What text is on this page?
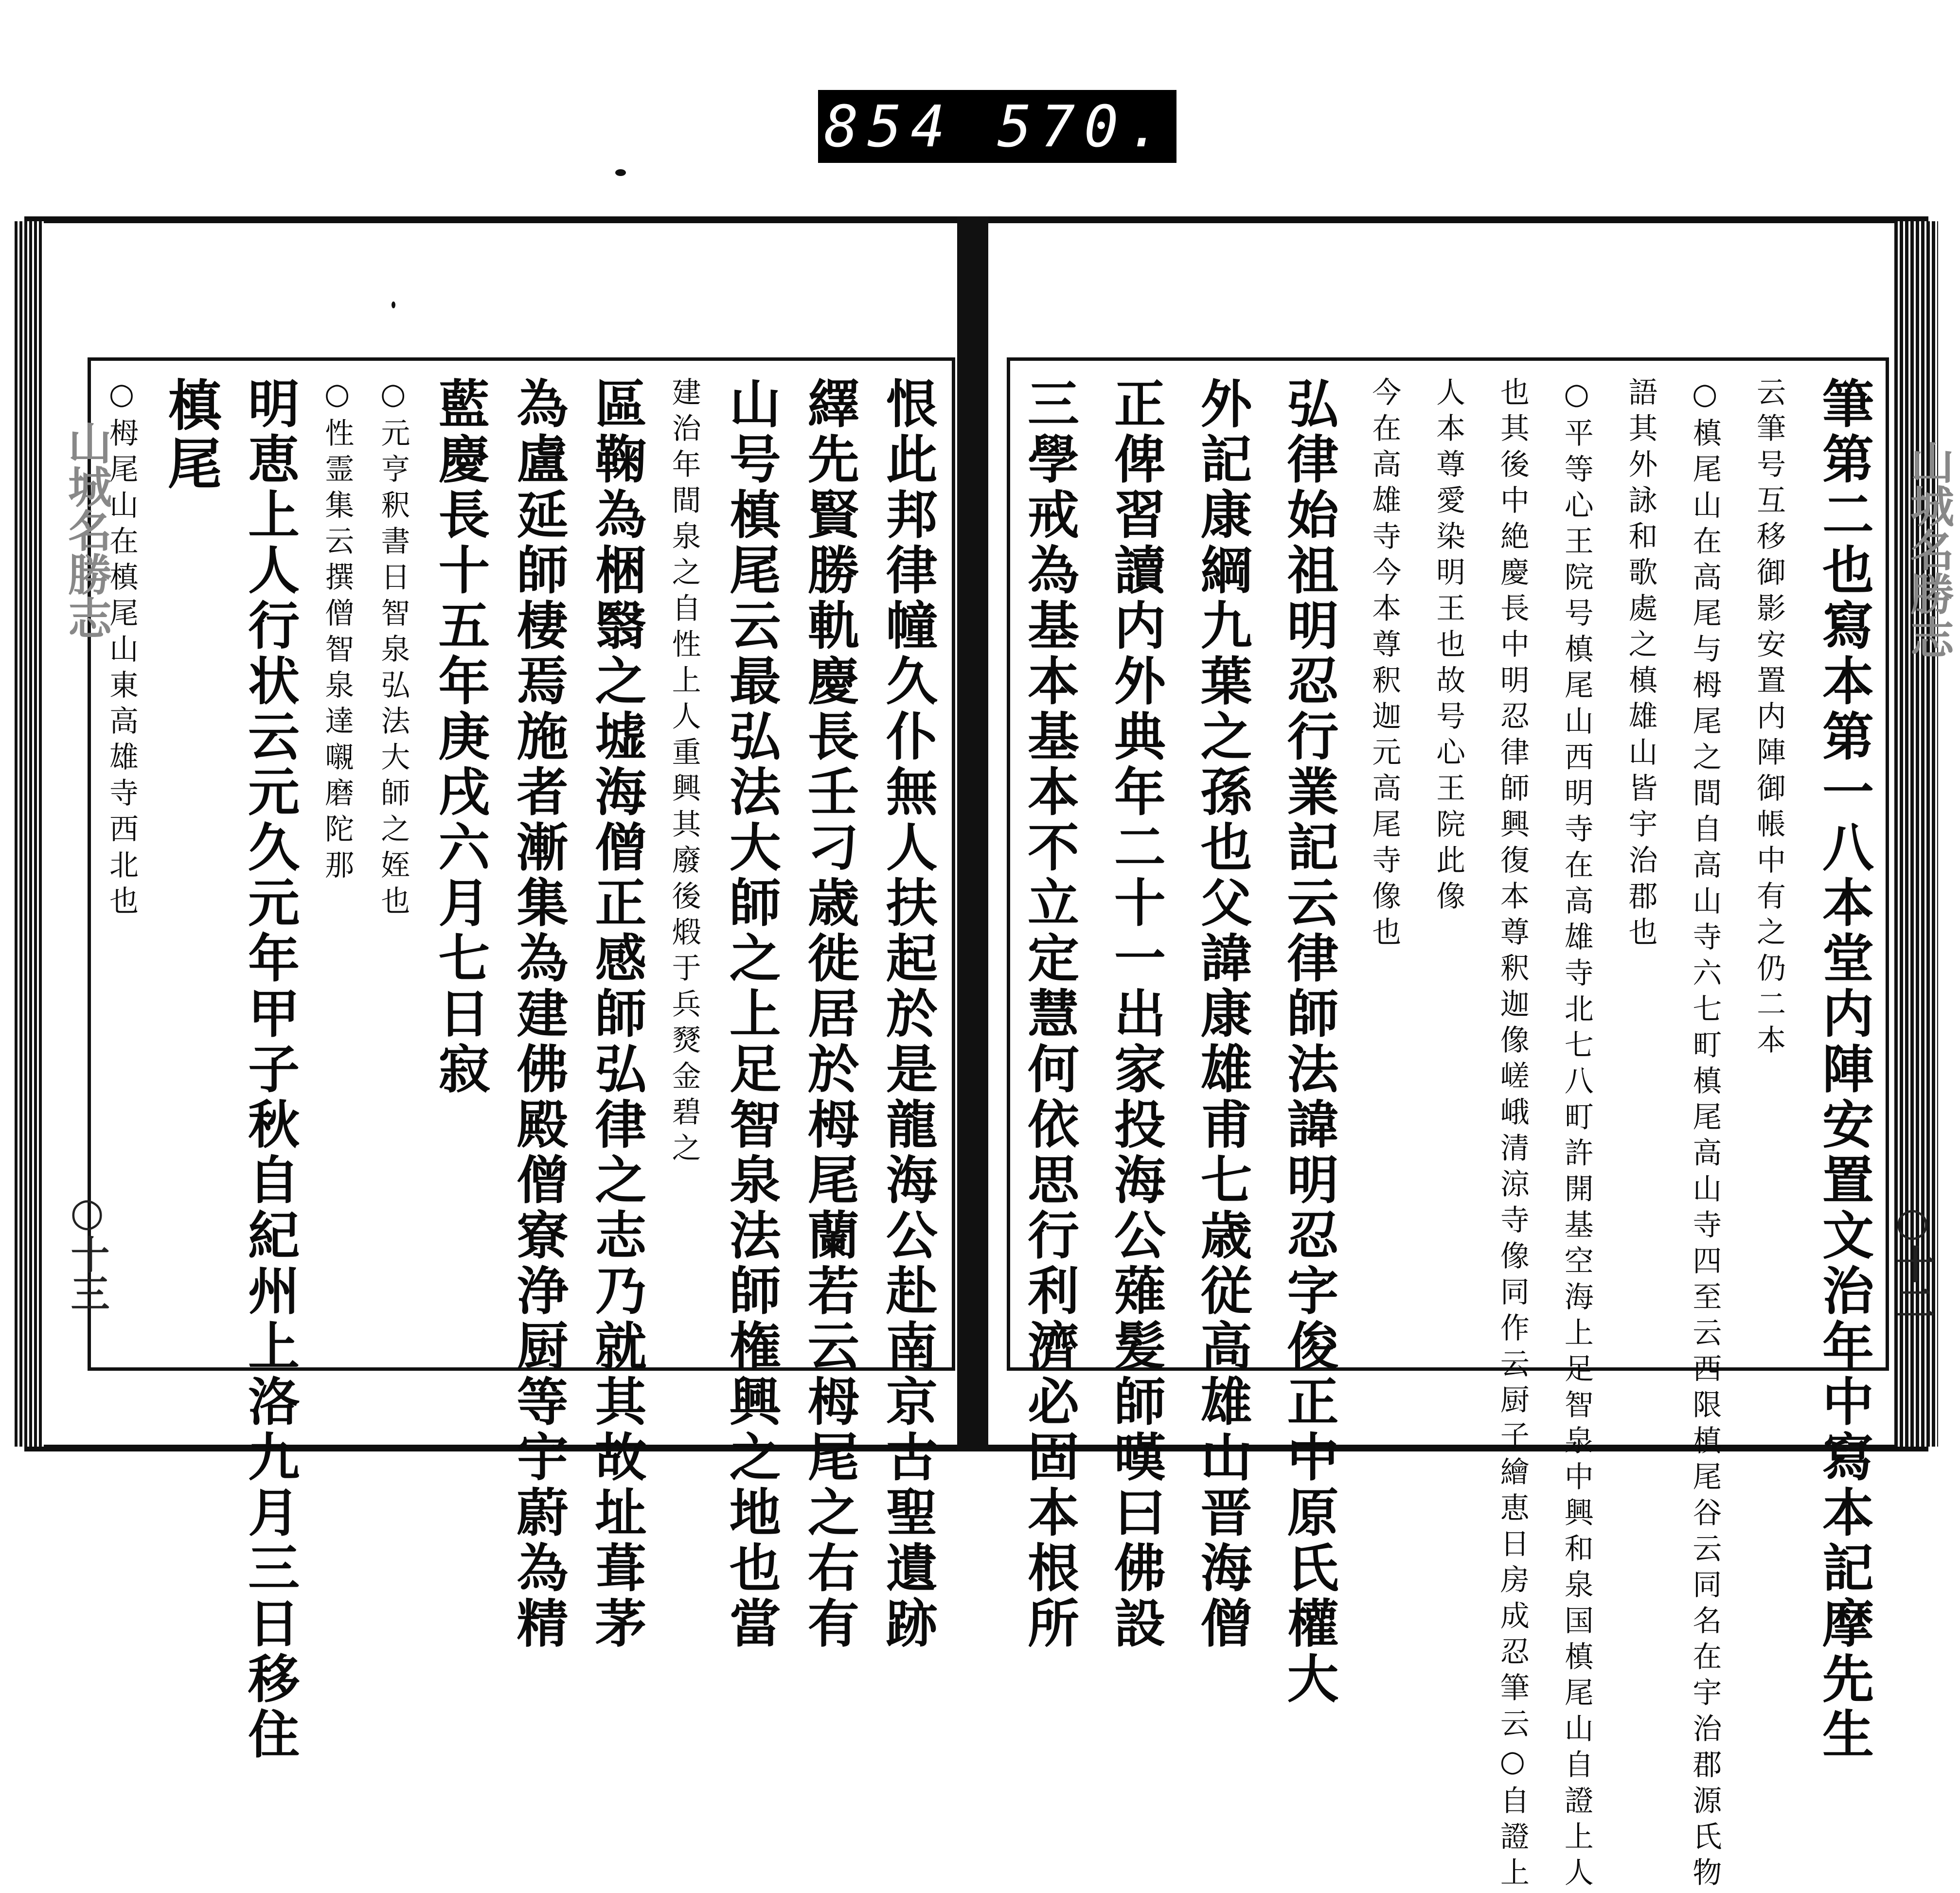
854 570.
山城名勝志
○十三
山城名勝志
○十二
恨此邦律幢久仆無人扶起於是龍海公赴南京古聖遺跡
繹先賢勝軌慶長壬刁歳徙居於栂尾蘭若云栂尾之右有
山号槙尾云最弘法大師之上足智泉法師権興之地也當
建治年間泉之自性上人重興其廢後煅于兵燹金碧之
區鞠為梱翳之墟海僧正感師弘律之志乃就其故址葺茅
為盧延師棲焉施者漸集為建佛殿僧寮浄厨等宇蔚為精
藍慶長十五年庚戌六月七日寂
○元亨釈書日智泉弘法大師之姪也
○性霊集云撰僧智泉達嚫磨陀那
明恵上人行状云元久元年甲子秋自紀州上洛九月三日移住
槙尾
○栂尾山在槙尾山東高雄寺西北也	筆第二也寫本第一八本堂内陣安置文治年中寫本記摩先生
云筆号互移御影安置内陣御帳中有之仍二本
○槙尾山在高尾与栂尾之間自高山寺六七町槙尾高山寺四至云西限槙尾谷云同名在宇治郡源氏物
語其外詠和歌處之槙雄山皆宇治郡也
○平等心王院号槙尾山西明寺在高雄寺北七八町許開基空海上足智泉中興和泉国槙尾山自證上人
也其後中絶慶長中明忍律師興復本尊釈迦像嵯峨清涼寺像同作云厨子繪恵日房成忍筆云○自證上
人本尊愛染明王也故号心王院此像
今在高雄寺今本尊釈迦元高尾寺像也
弘律始祖明忍行業記云律師法諱明忍字俊正中原氏權大
外記康綱九葉之孫也父諱康雄甫七歳従高雄山晋海僧
正俾習讀内外典年二十一出家投海公薙髪師嘆曰佛設
三學戒為基本基本不立定慧何依思行利濟必固本根所
